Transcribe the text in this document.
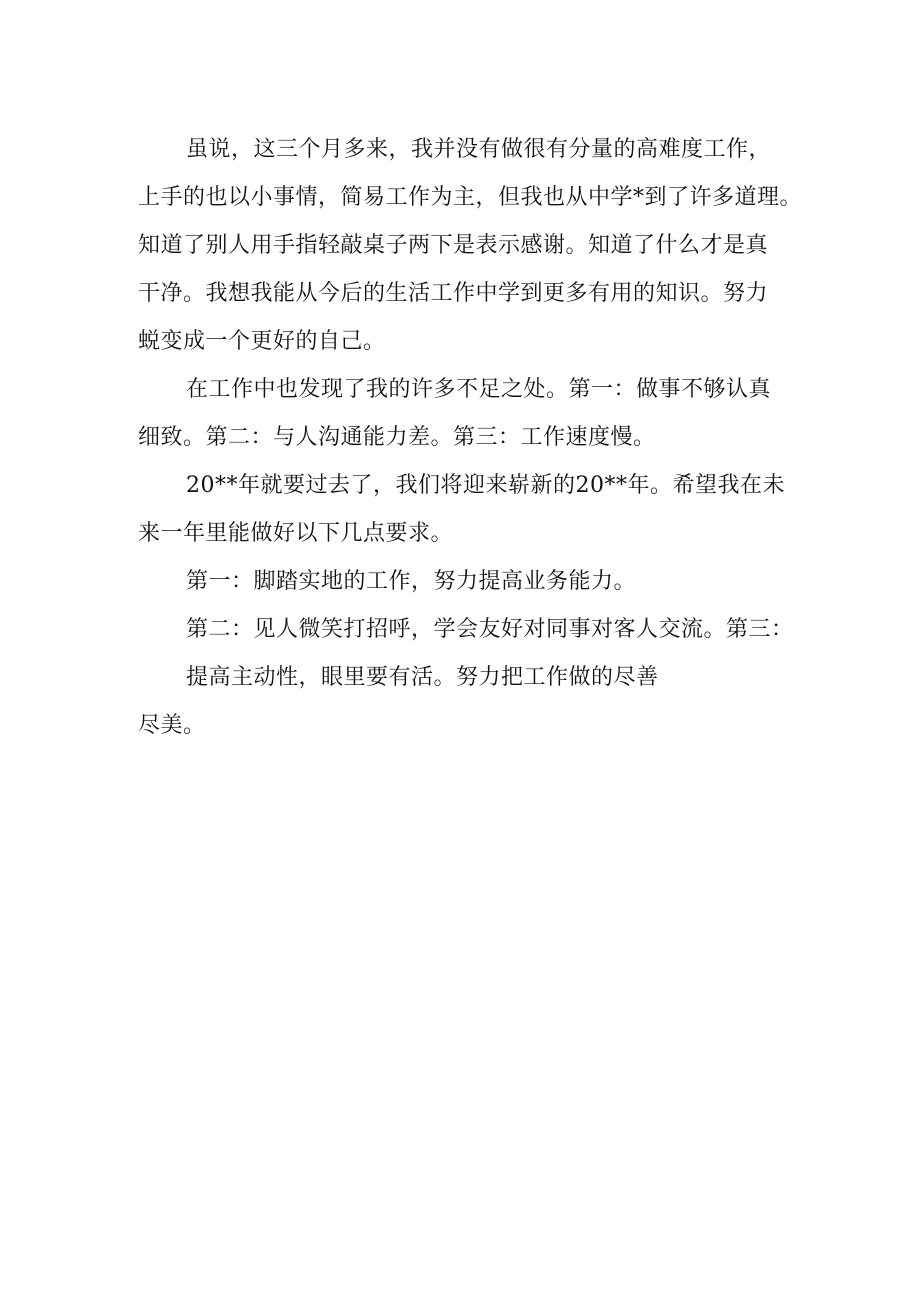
虽说，这三个月多来，我并没有做很有分量的高难度工作，
上手的也以小事情，简易工作为主，但我也从中学*到了许多道理。
知道了别人用手指轻敲桌子两下是表示感谢。知道了什么才是真
干净。我想我能从今后的生活工作中学到更多有用的知识。努力
蜕变成一个更好的自己。
在工作中也发现了我的许多不足之处。第一：做事不够认真
细致。第二：与人沟通能力差。第三：工作速度慢。
20**年就要过去了，我们将迎来崭新的20**年。希望我在未
来一年里能做好以下几点要求。
第一：脚踏实地的工作，努力提高业务能力。
第二：见人微笑打招呼，学会友好对同事对客人交流。第三：
提高主动性，眼里要有活。努力把工作做的尽善
尽美。
